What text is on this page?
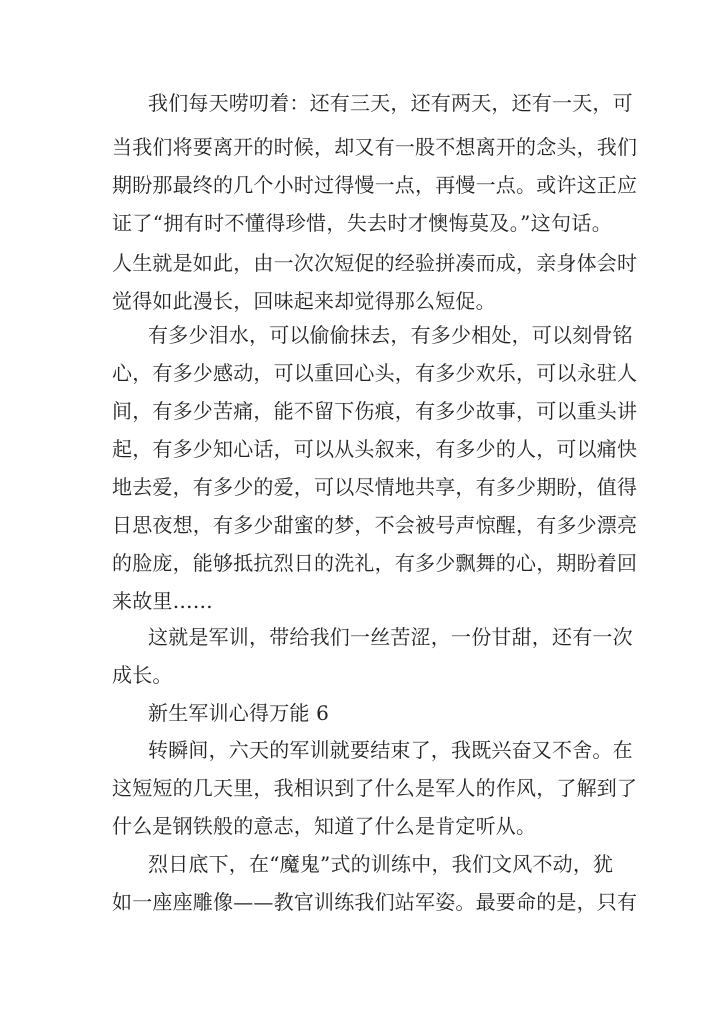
我们每天唠叨着：还有三天，还有两天，还有一天，可
当我们将要离开的时候，却又有一股不想离开的念头，我们
期盼那最终的几个小时过得慢一点，再慢一点。或许这正应
证了“拥有时不懂得珍惜，失去时才懊悔莫及。”这句话。
人生就是如此，由一次次短促的经验拼凑而成，亲身体会时
觉得如此漫长，回味起来却觉得那么短促。
有多少泪水，可以偷偷抹去，有多少相处，可以刻骨铭
心，有多少感动，可以重回心头，有多少欢乐，可以永驻人
间，有多少苦痛，能不留下伤痕，有多少故事，可以重头讲
起，有多少知心话，可以从头叙来，有多少的人，可以痛快
地去爱，有多少的爱，可以尽情地共享，有多少期盼，值得
日思夜想，有多少甜蜜的梦，不会被号声惊醒，有多少漂亮
的脸庞，能够抵抗烈日的洗礼，有多少飘舞的心，期盼着回
来故里……
这就是军训，带给我们一丝苦涩，一份甘甜，还有一次
成长。
新生军训心得万能 6
转瞬间，六天的军训就要结束了，我既兴奋又不舍。在
这短短的几天里，我相识到了什么是军人的作风，了解到了
什么是钢铁般的意志，知道了什么是肯定听从。
烈日底下，在“魔鬼”式的训练中，我们文风不动，犹
如一座座雕像——教官训练我们站军姿。最要命的是，只有
